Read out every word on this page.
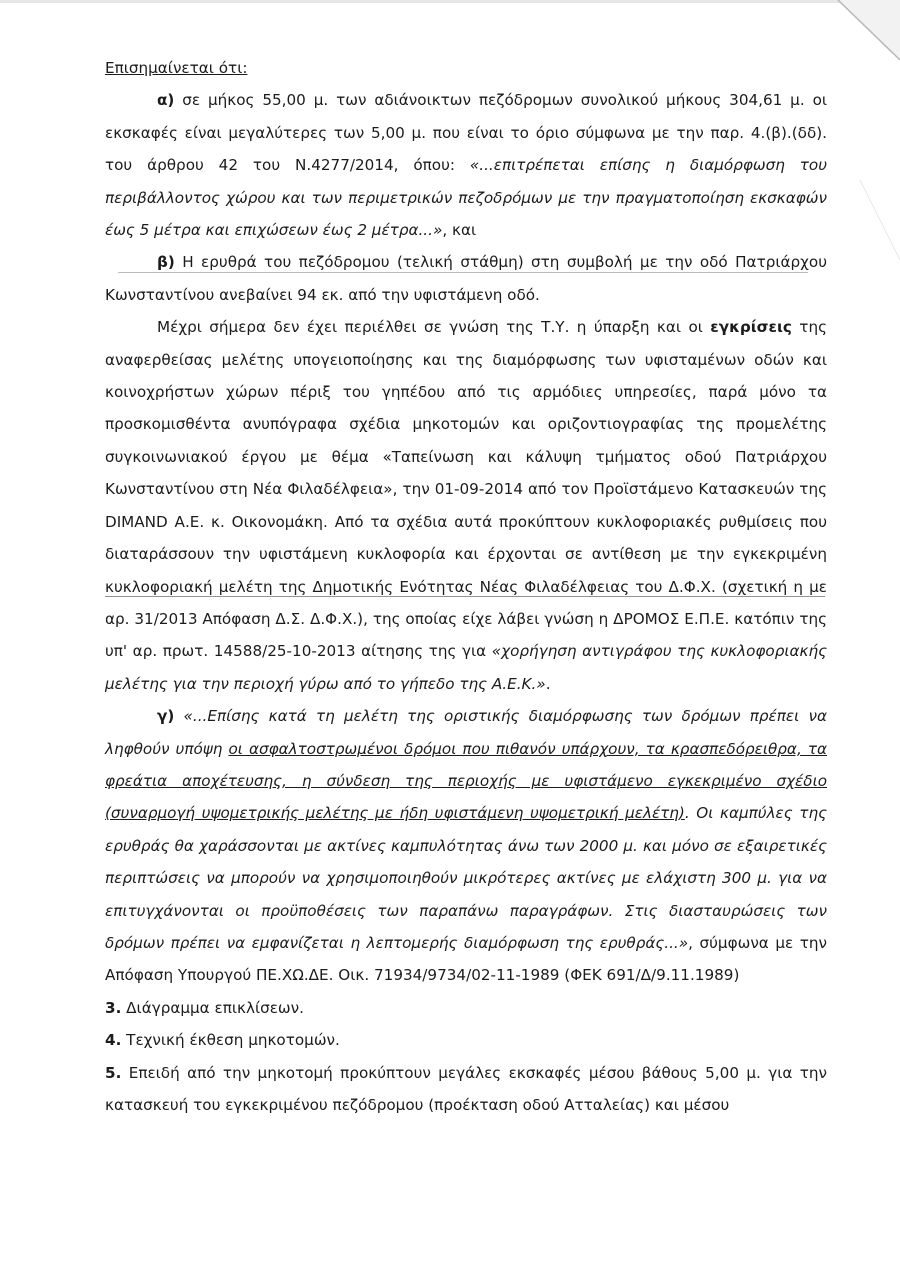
Επισημαίνεται ότι:

α) σε μήκος 55,00 μ. των αδιάνοικτων πεζόδρομων συνολικού μήκους 304,61 μ. οι εκσκαφές είναι μεγαλύτερες των 5,00 μ. που είναι το όριο σύμφωνα με την παρ. 4.(β).(δδ). του άρθρου 42 του Ν.4277/2014, όπου: «...επιτρέπεται επίσης η διαμόρφωση του περιβάλλοντος χώρου και των περιμετρικών πεζοδρόμων με την πραγματοποίηση εκσκαφών έως 5 μέτρα και επιχώσεων έως 2 μέτρα...», και

β) Η ερυθρά του πεζόδρομου (τελική στάθμη) στη συμβολή με την οδό Πατριάρχου Κωνσταντίνου ανεβαίνει 94 εκ. από την υφιστάμενη οδό.

Μέχρι σήμερα δεν έχει περιέλθει σε γνώση της Τ.Υ. η ύπαρξη και οι εγκρίσεις της αναφερθείσας μελέτης υπογειοποίησης και της διαμόρφωσης των υφισταμένων οδών και κοινοχρήστων χώρων πέριξ του γηπέδου από τις αρμόδιες υπηρεσίες, παρά μόνο τα προσκομισθέντα ανυπόγραφα σχέδια μηκοτομών και οριζοντιογραφίας της προμελέτης συγκοινωνιακού έργου με θέμα «Ταπείνωση και κάλυψη τμήματος οδού Πατριάρχου Κωνσταντίνου στη Νέα Φιλαδέλφεια», την 01-09-2014 από τον Προϊστάμενο Κατασκευών της DIMAND Α.Ε. κ. Οικονομάκη. Από τα σχέδια αυτά προκύπτουν κυκλοφοριακές ρυθμίσεις που διαταράσσουν την υφιστάμενη κυκλοφορία και έρχονται σε αντίθεση με την εγκεκριμένη κυκλοφοριακή μελέτη της Δημοτικής Ενότητας Νέας Φιλαδέλφειας του Δ.Φ.Χ. (σχετική η με αρ. 31/2013 Απόφαση Δ.Σ. Δ.Φ.Χ.), της οποίας είχε λάβει γνώση η ΔΡΟΜΟΣ Ε.Π.Ε. κατόπιν της υπ' αρ. πρωτ. 14588/25-10-2013 αίτησης της για «χορήγηση αντιγράφου της κυκλοφοριακής μελέτης για την περιοχή γύρω από το γήπεδο της Α.Ε.Κ.».

γ) «...Επίσης κατά τη μελέτη της οριστικής διαμόρφωσης των δρόμων πρέπει να ληφθούν υπόψη οι ασφαλτοστρωμένοι δρόμοι που πιθανόν υπάρχουν, τα κρασπεδόρειθρα, τα φρεάτια αποχέτευσης, η σύνδεση της περιοχής με υφιστάμενο εγκεκριμένο σχέδιο (συναρμογή υψομετρικής μελέτης με ήδη υφιστάμενη υψομετρική μελέτη). Οι καμπύλες της ερυθράς θα χαράσσονται με ακτίνες καμπυλότητας άνω των 2000 μ. και μόνο σε εξαιρετικές περιπτώσεις να μπορούν να χρησιμοποιηθούν μικρότερες ακτίνες με ελάχιστη 300 μ. για να επιτυγχάνονται οι προϋποθέσεις των παραπάνω παραγράφων. Στις διασταυρώσεις των δρόμων πρέπει να εμφανίζεται η λεπτομερής διαμόρφωση της ερυθράς...», σύμφωνα με την Απόφαση Υπουργού ΠΕ.ΧΩ.ΔΕ. Οικ. 71934/9734/02-11-1989 (ΦΕΚ 691/Δ/9.11.1989)

3. Διάγραμμα επικλίσεων.

4. Τεχνική έκθεση μηκοτομών.

5. Επειδή από την μηκοτομή προκύπτουν μεγάλες εκσκαφές μέσου βάθους 5,00 μ. για την κατασκευή του εγκεκριμένου πεζόδρομου (προέκταση οδού Ατταλείας) και μέσου
